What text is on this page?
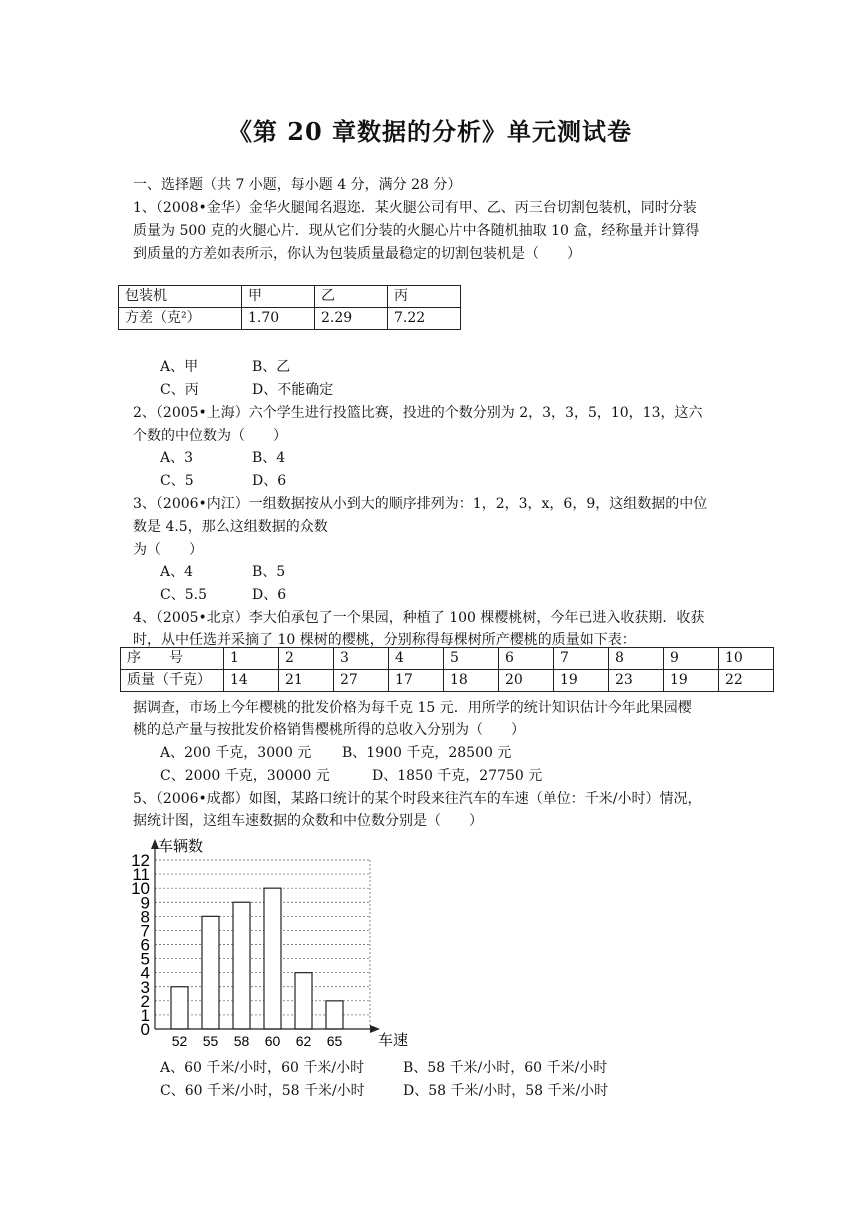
《第 20 章数据的分析》单元测试卷
一、选择题（共 7 小题，每小题 4 分，满分 28 分）
1、（2008•金华）金华火腿闻名遐迩．某火腿公司有甲、乙、丙三台切割包装机，同时分装
质量为 500 克的火腿心片．现从它们分装的火腿心片中各随机抽取 10 盒，经称量并计算得
到质量的方差如表所示，你认为包装质量最稳定的切割包装机是（　　）
包装机	甲	乙	丙
方差（克²）	1.70	2.29	7.22
A、甲	B、乙
C、丙	D、不能确定
2、（2005•上海）六个学生进行投篮比赛，投进的个数分别为 2，3，3，5，10，13，这六
个数的中位数为（　　）
A、3	B、4
C、5	D、6
3、（2006•内江）一组数据按从小到大的顺序排列为：1，2，3，x，6，9，这组数据的中位
数是 4.5，那么这组数据的众数
为（　　）
A、4	B、5
C、5.5	D、6
4、（2005•北京）李大伯承包了一个果园，种植了 100 棵樱桃树，今年已进入收获期．收获
时，从中任选并采摘了 10 棵树的樱桃，分别称得每棵树所产樱桃的质量如下表：
序　　号	1	2	3	4	5	6	7	8	9	10
质量（千克）	14	21	27	17	18	20	19	23	19	22
据调查，市场上今年樱桃的批发价格为每千克 15 元．用所学的统计知识估计今年此果园樱
桃的总产量与按批发价格销售樱桃所得的总收入分别为（　　）
A、200 千克，3000 元 B、1900 千克，28500 元
C、2000 千克，30000 元	D、1850 千克，27750 元
5、（2006•成都）如图，某路口统计的某个时段来往汽车的车速（单位：千米/小时）情况，
据统计图，这组车速数据的众数和中位数分别是（　　）
0
1
2
3
4
5
6
7
8
9
10
11
12
52 55 58 60 62 65
车辆数
车速
A、60 千米/小时，60 千米/小时	B、58 千米/小时，60 千米/小时
C、60 千米/小时，58 千米/小时	D、58 千米/小时，58 千米/小时
